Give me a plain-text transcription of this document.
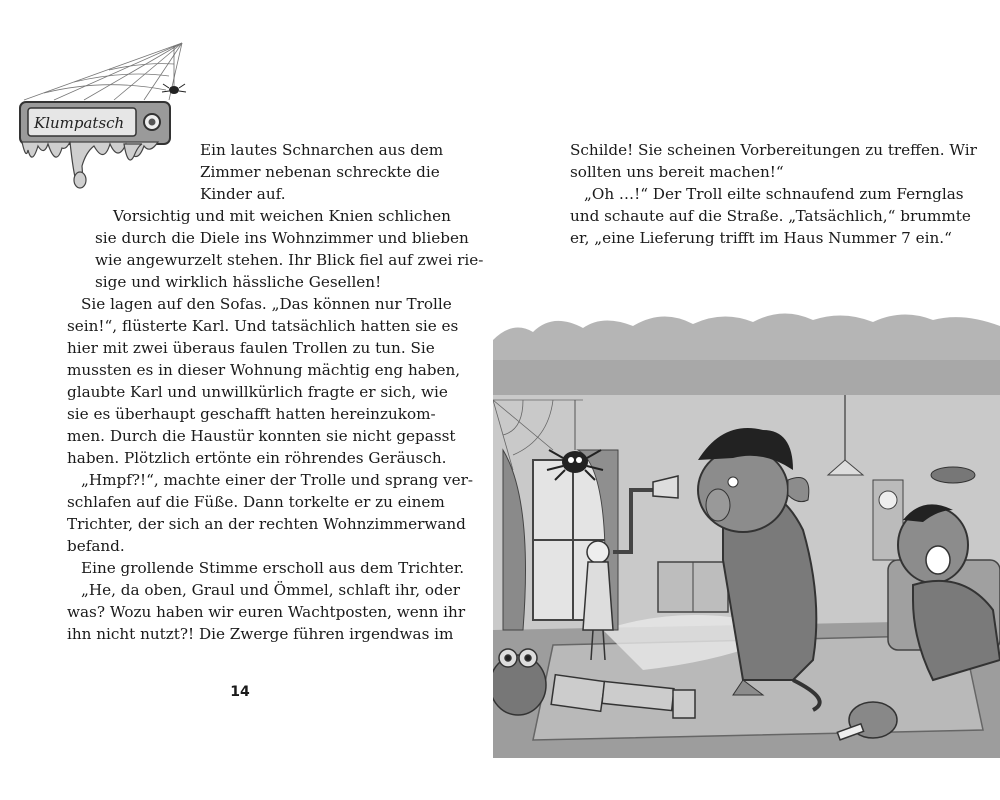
Klumpatsch
Ein lautes Schnarchen aus dem
Zimmer nebenan schreckte die
Kinder auf.
Vorsichtig und mit weichen Knien schlichen
sie durch die Diele ins Wohnzimmer und blieben
wie angewurzelt stehen. Ihr Blick fiel auf zwei rie-
sige und wirklich hässliche Gesellen!
Sie lagen auf den Sofas. „Das können nur Trolle
sein!“, flüsterte Karl. Und tatsächlich hatten sie es
hier mit zwei überaus faulen Trollen zu tun. Sie
mussten es in dieser Wohnung mächtig eng haben,
glaubte Karl und unwillkürlich fragte er sich, wie
sie es überhaupt geschafft hatten hereinzukom-
men. Durch die Haustür konnten sie nicht gepasst
haben. Plötzlich ertönte ein röhrendes Geräusch.
„Hmpf?!“, machte einer der Trolle und sprang ver-
schlafen auf die Füße. Dann torkelte er zu einem
Trichter, der sich an der rechten Wohnzimmerwand
befand.
Eine grollende Stimme erscholl aus dem Trichter.
„He, da oben, Graul und Ömmel, schlaft ihr, oder
was? Wozu haben wir euren Wachtposten, wenn ihr
ihn nicht nutzt?! Die Zwerge führen irgendwas im
14
Schilde! Sie scheinen Vorbereitungen zu treffen. Wir
sollten uns bereit machen!“
„Oh …!“ Der Troll eilte schnaufend zum Fernglas
und schaute auf die Straße. „Tatsächlich,“ brummte
er, „eine Lieferung trifft im Haus Nummer 7 ein.“
